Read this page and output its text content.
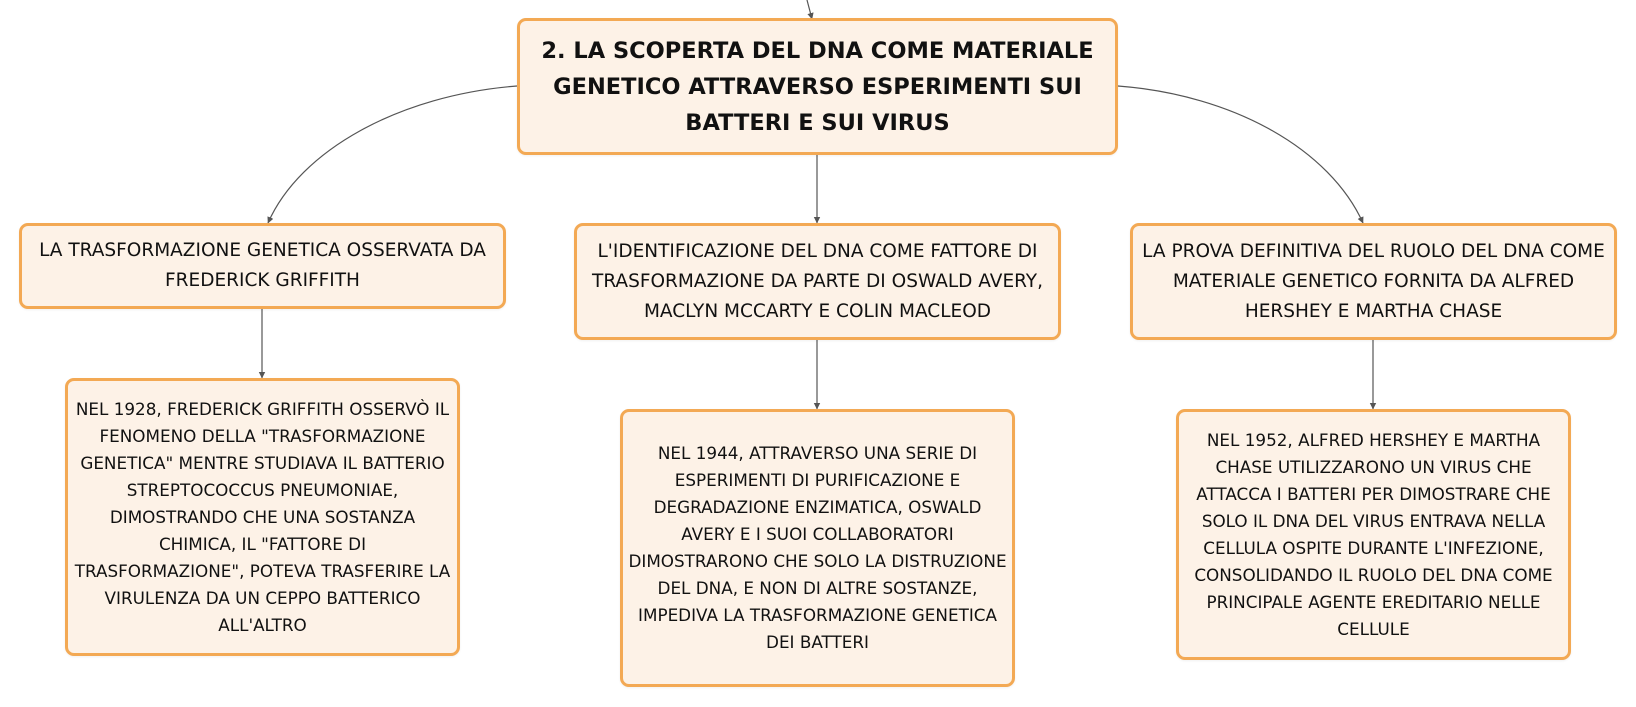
2. LA SCOPERTA DEL DNA COME MATERIALE GENETICO ATTRAVERSO ESPERIMENTI SUI BATTERI E SUI VIRUS
LA TRASFORMAZIONE GENETICA OSSERVATA DA FREDERICK GRIFFITH
L'IDENTIFICAZIONE DEL DNA COME FATTORE DI TRASFORMAZIONE DA PARTE DI OSWALD AVERY, MACLYN MCCARTY E COLIN MACLEOD
LA PROVA DEFINITIVA DEL RUOLO DEL DNA COME MATERIALE GENETICO FORNITA DA ALFRED HERSHEY E MARTHA CHASE
NEL 1928, FREDERICK GRIFFITH OSSERVÒ IL FENOMENO DELLA "TRASFORMAZIONE GENETICA" MENTRE STUDIAVA IL BATTERIO STREPTOCOCCUS PNEUMONIAE, DIMOSTRANDO CHE UNA SOSTANZA CHIMICA, IL "FATTORE DI TRASFORMAZIONE", POTEVA TRASFERIRE LA VIRULENZA DA UN CEPPO BATTERICO ALL'ALTRO
NEL 1944, ATTRAVERSO UNA SERIE DI ESPERIMENTI DI PURIFICAZIONE E DEGRADAZIONE ENZIMATICA, OSWALD AVERY E I SUOI COLLABORATORI DIMOSTRARONO CHE SOLO LA DISTRUZIONE DEL DNA, E NON DI ALTRE SOSTANZE, IMPEDIVA LA TRASFORMAZIONE GENETICA DEI BATTERI
NEL 1952, ALFRED HERSHEY E MARTHA CHASE UTILIZZARONO UN VIRUS CHE ATTACCA I BATTERI PER DIMOSTRARE CHE SOLO IL DNA DEL VIRUS ENTRAVA NELLA CELLULA OSPITE DURANTE L'INFEZIONE, CONSOLIDANDO IL RUOLO DEL DNA COME PRINCIPALE AGENTE EREDITARIO NELLE CELLULE
